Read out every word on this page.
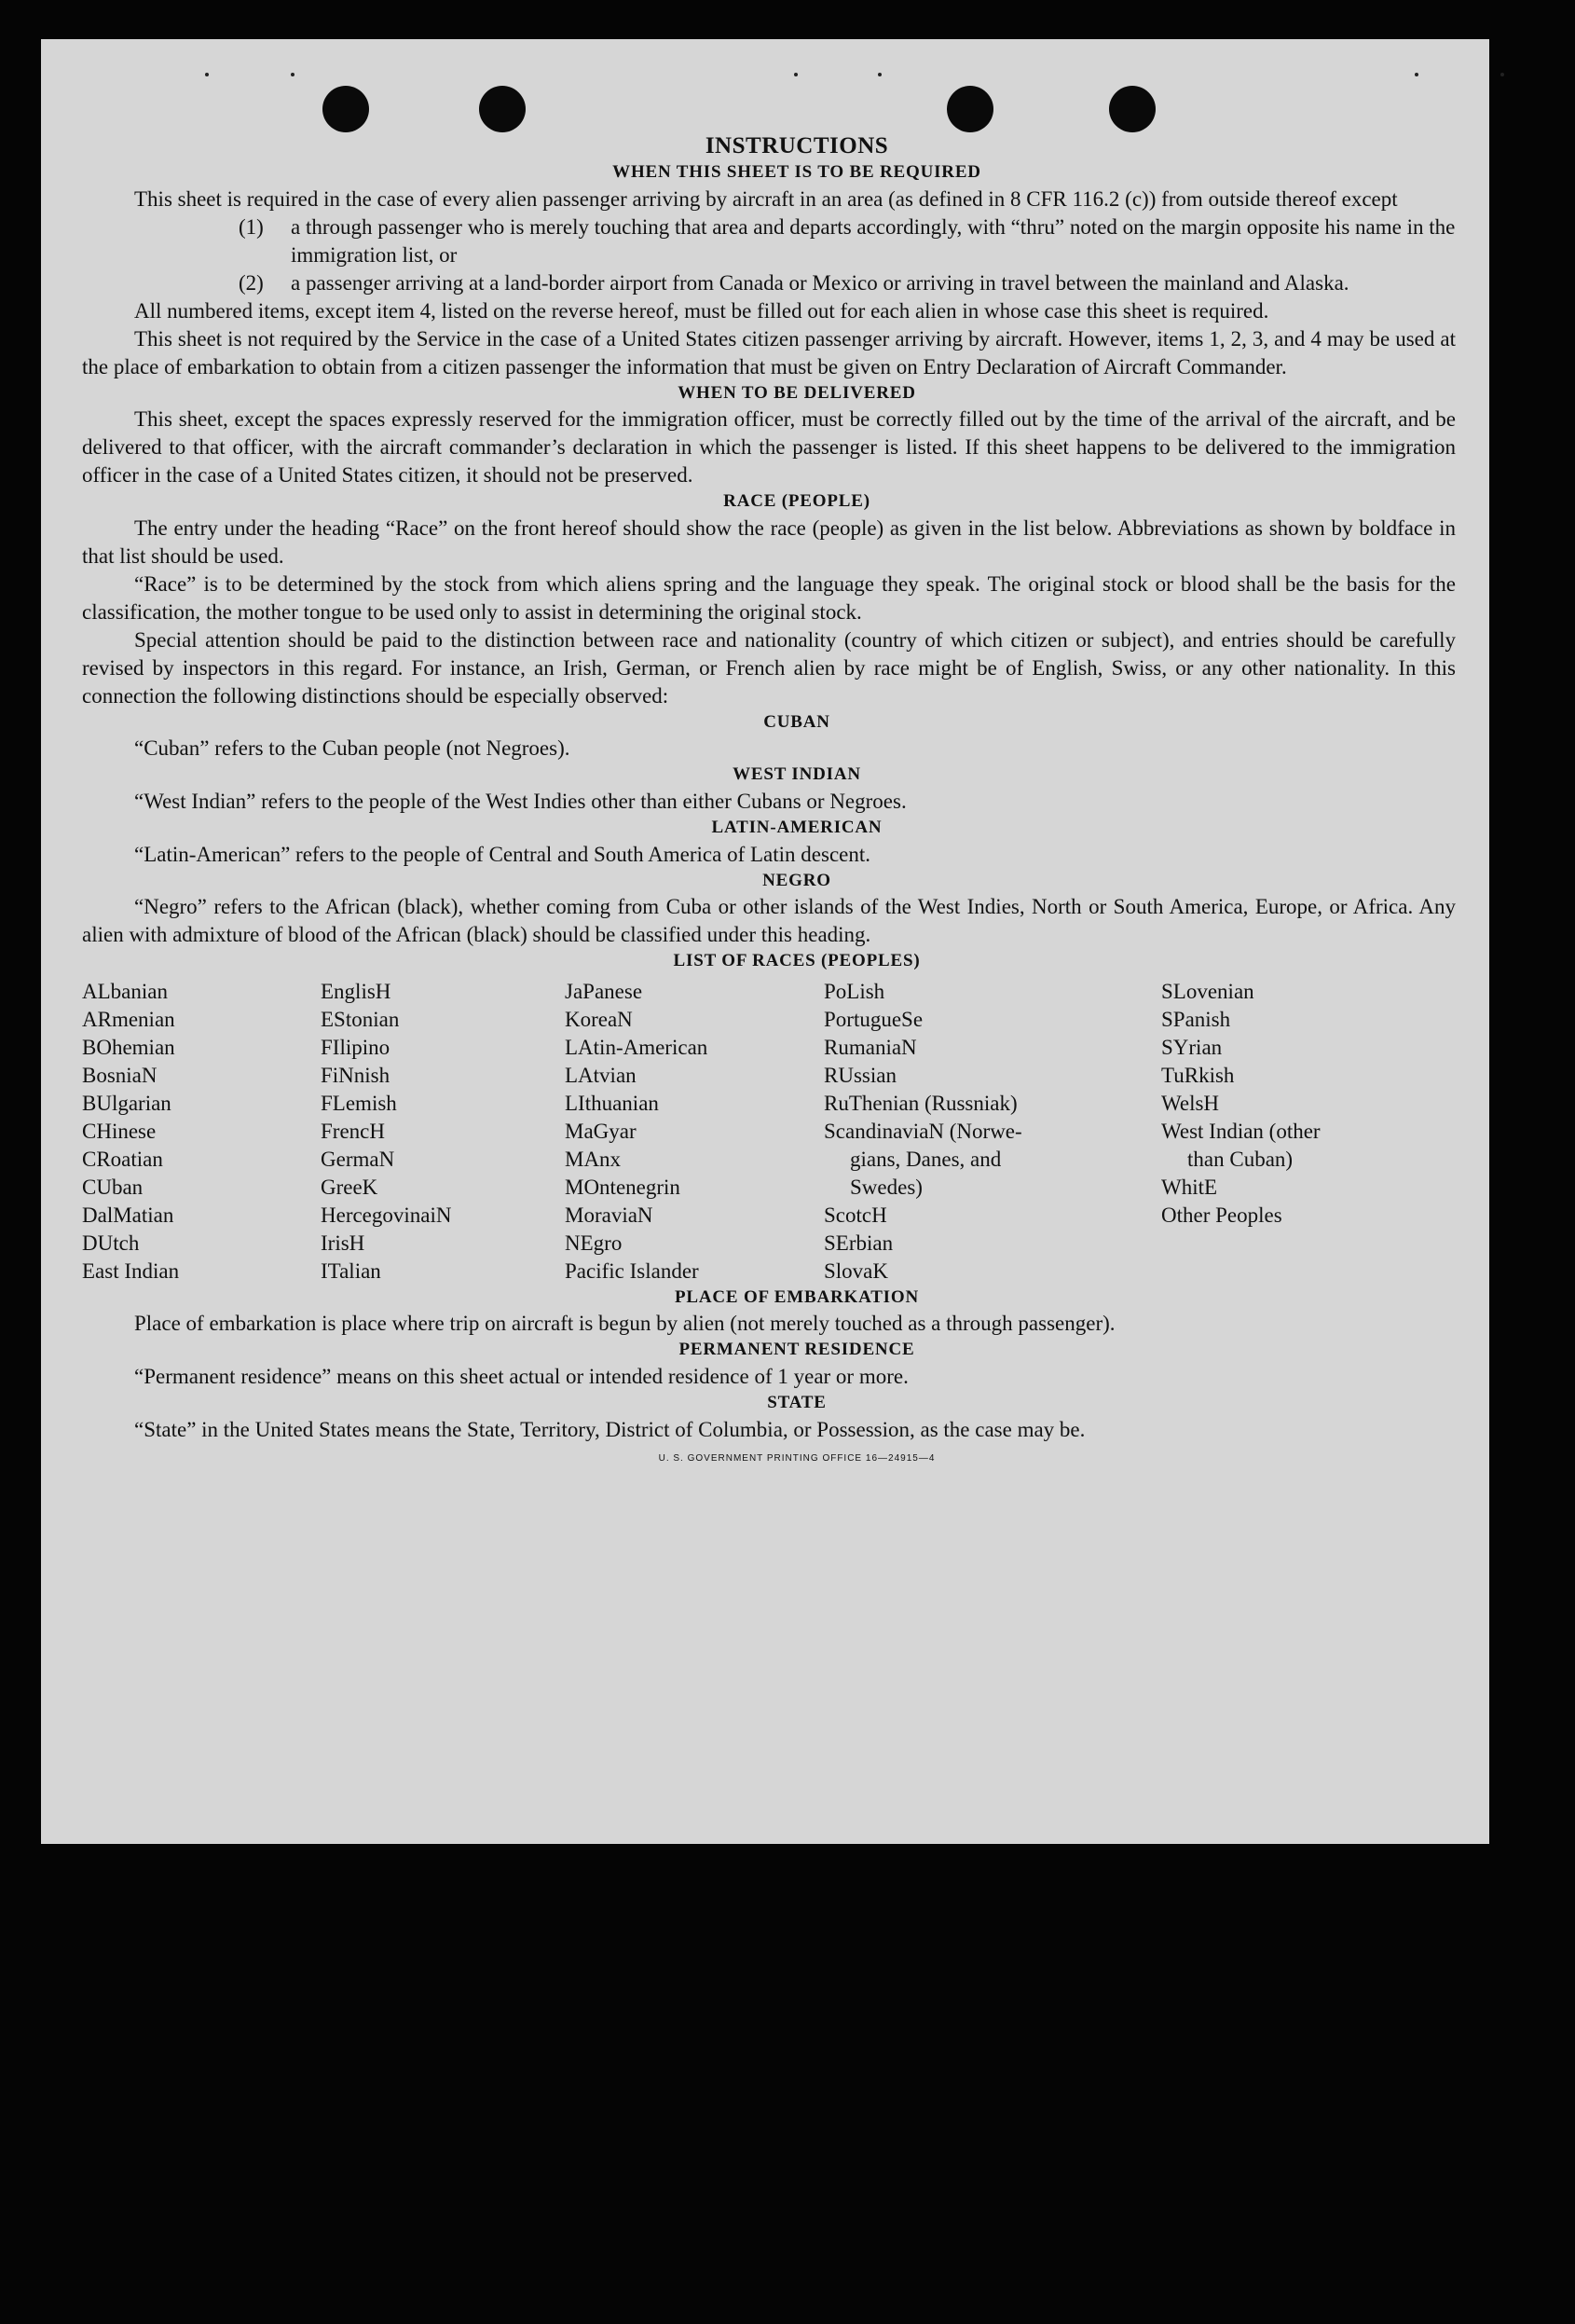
INSTRUCTIONS
WHEN THIS SHEET IS TO BE REQUIRED

This sheet is required in the case of every alien passenger arriving by aircraft in an area (as defined in 8 CFR 116.2 (c)) from outside thereof except

(1)	a through passenger who is merely touching that area and departs accordingly, with “thru” noted on the margin opposite his name in the immigration list, or
(2)	a passenger arriving at a land-border airport from Canada or Mexico or arriving in travel between the mainland and Alaska.

All numbered items, except item 4, listed on the reverse hereof, must be filled out for each alien in whose case this sheet is required.

This sheet is not required by the Service in the case of a United States citizen passenger arriving by aircraft. However, items 1, 2, 3, and 4 may be used at the place of embarkation to obtain from a citizen passenger the information that must be given on Entry Declaration of Aircraft Commander.

WHEN TO BE DELIVERED

This sheet, except the spaces expressly reserved for the immigration officer, must be correctly filled out by the time of the arrival of the aircraft, and be delivered to that officer, with the aircraft commander’s declaration in which the passenger is listed. If this sheet happens to be delivered to the immigration officer in the case of a United States citizen, it should not be preserved.

RACE (PEOPLE)

The entry under the heading “Race” on the front hereof should show the race (people) as given in the list below. Abbreviations as shown by boldface in that list should be used.

“Race” is to be determined by the stock from which aliens spring and the language they speak. The original stock or blood shall be the basis for the classification, the mother tongue to be used only to assist in determining the original stock.

Special attention should be paid to the distinction between race and nationality (country of which citizen or subject), and entries should be carefully revised by inspectors in this regard. For instance, an Irish, German, or French alien by race might be of English, Swiss, or any other nationality. In this connection the following distinctions should be especially observed:

CUBAN

“Cuban” refers to the Cuban people (not Negroes).

WEST INDIAN

“West Indian” refers to the people of the West Indies other than either Cubans or Negroes.

LATIN-AMERICAN

“Latin-American” refers to the people of Central and South America of Latin descent.

NEGRO

“Negro” refers to the African (black), whether coming from Cuba or other islands of the West Indies, North or South America, Europe, or Africa. Any alien with admixture of blood of the African (black) should be classified under this heading.

LIST OF RACES (PEOPLES)
ALbanian
ARmenian
BOhemian
BosniaN
BUlgarian
CHinese
CRoatian
CUban
DalMatian
DUtch
East Indian
EnglisH
EStonian
FIlipino
FiNnish
FLemish
FrencH
GermaN
GreeK
HercegovinaiN
IrisH
ITalian
JaPanese
KoreaN
LAtin-American
LAtvian
LIthuanian
MaGyar
MAnx
MOntenegrin
MoraviaN
NEgro
Pacific Islander
PoLish
PortugueSe
RumaniaN
RUssian
RuThenian (Russniak)
ScandinaviaN (Norwe-
gians, Danes, and
Swedes)
ScotcH
SErbian
SlovaK
SLovenian
SPanish
SYrian
TuRkish
WelsH
West Indian (other
than Cuban)
WhitE
Other Peoples
PLACE OF EMBARKATION

Place of embarkation is place where trip on aircraft is begun by alien (not merely touched as a through passenger).

PERMANENT RESIDENCE

“Permanent residence” means on this sheet actual or intended residence of 1 year or more.

STATE

“State” in the United States means the State, Territory, District of Columbia, or Possession, as the case may be.

U. S. GOVERNMENT PRINTING OFFICE 16—24915—4
